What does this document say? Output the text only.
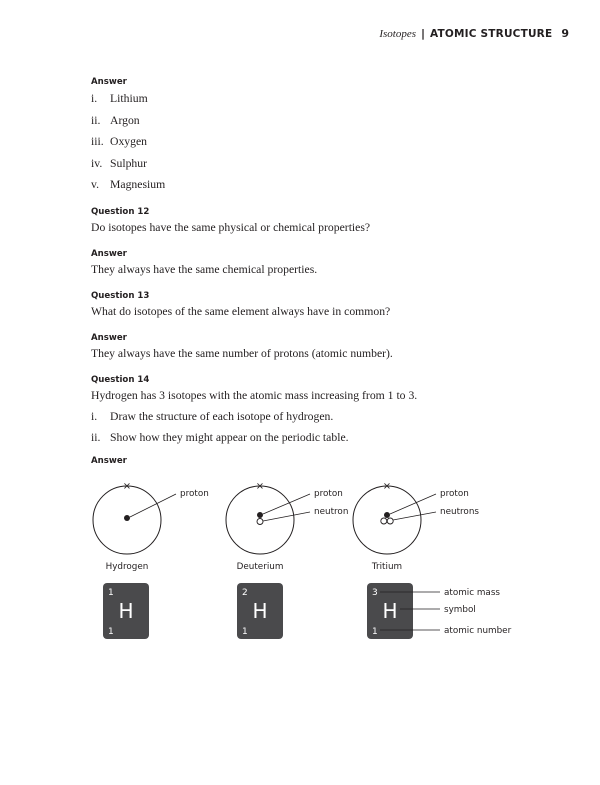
Isotopes | ATOMIC STRUCTURE 9
Answer
i. Lithium
ii. Argon
iii. Oxygen
iv. Sulphur
v. Magnesium
Question 12
Do isotopes have the same physical or chemical properties?
Answer
They always have the same chemical properties.
Question 13
What do isotopes of the same element always have in common?
Answer
They always have the same number of protons (atomic number).
Question 14
Hydrogen has 3 isotopes with the atomic mass increasing from 1 to 3.
i. Draw the structure of each isotope of hydrogen.
ii. Show how they might appear on the periodic table.
Answer
×
proton
Hydrogen
×
proton
neutron
Deuterium
×
proton
neutrons
Tritium
1
H
1
2
H
1
3
H
1
atomic mass
symbol
atomic number
